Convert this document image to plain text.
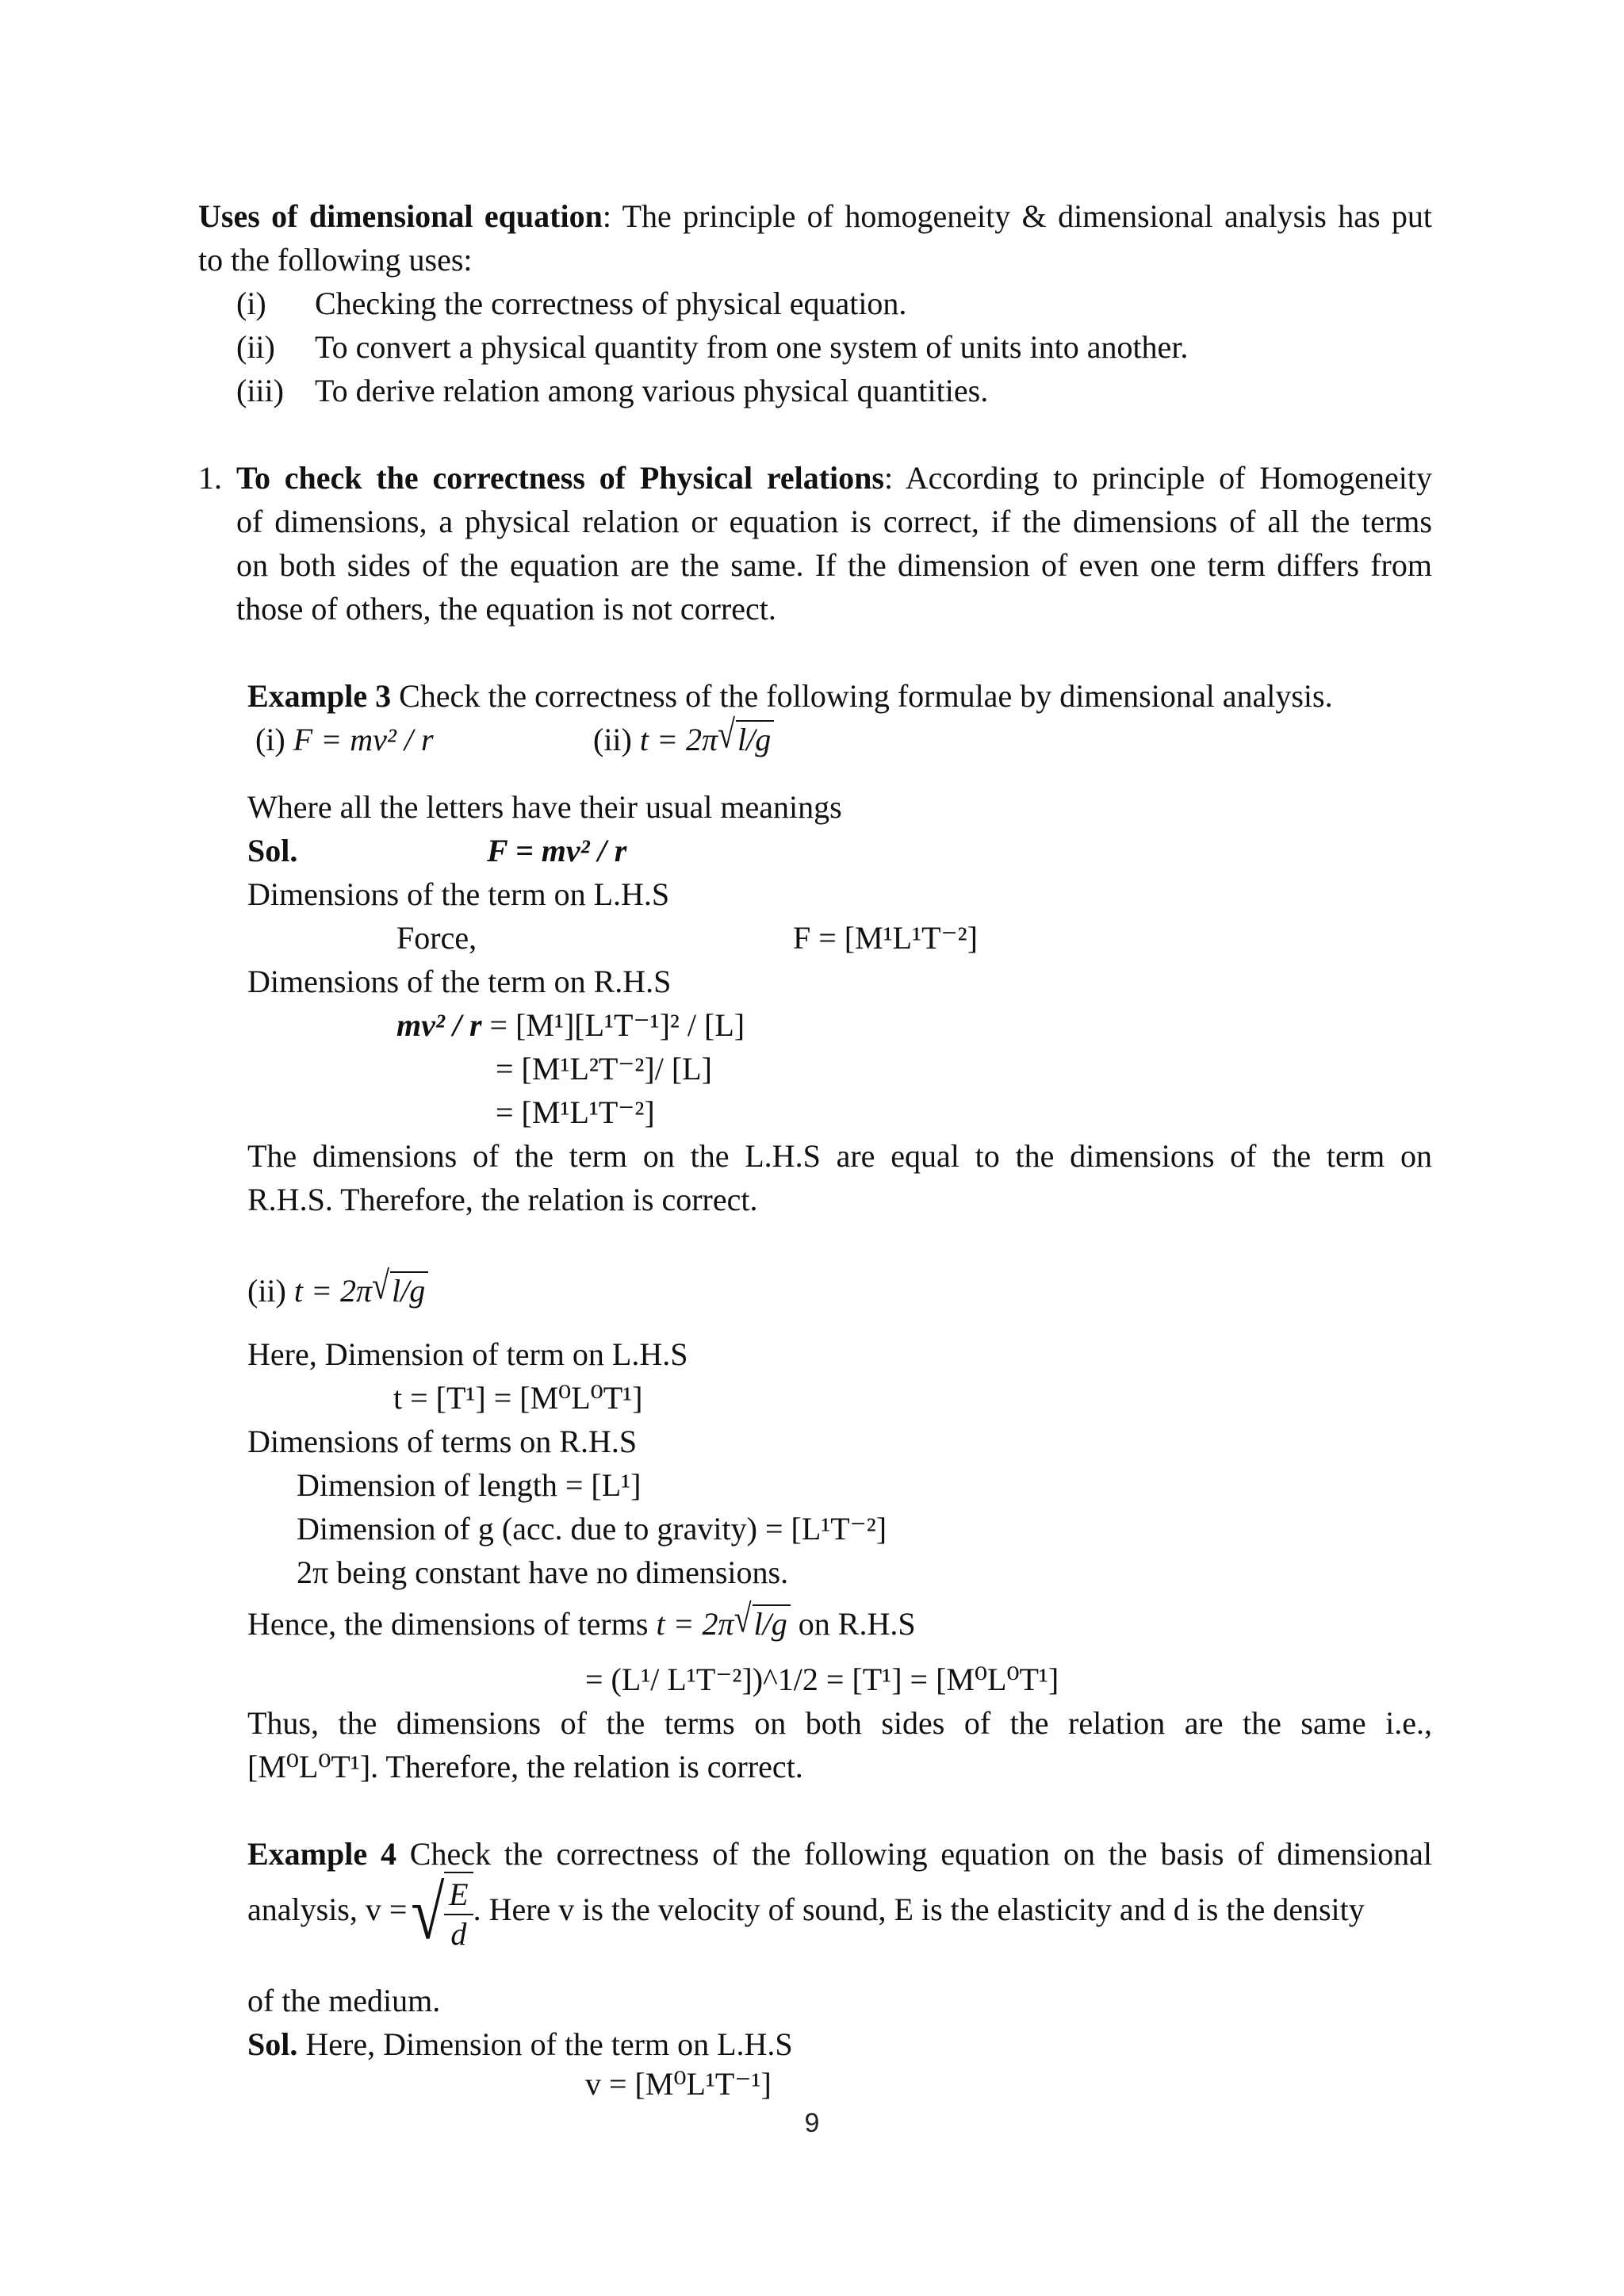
Uses of dimensional equation: The principle of homogeneity & dimensional analysis has put
to the following uses:
(i) Checking the correctness of physical equation.
(ii) To convert a physical quantity from one system of units into another.
(iii) To derive relation among various physical quantities.
1. To check the correctness of Physical relations: According to principle of Homogeneity
of dimensions, a physical relation or equation is correct, if the dimensions of all the terms
on both sides of the equation are the same. If the dimension of even one term differs from
those of others, the equation is not correct.
Example 3 Check the correctness of the following formulae by dimensional analysis.
(i) F = mv² / r	(ii) t = 2π√l/g
Where all the letters have their usual meanings
Sol.	F = mv² / r
Dimensions of the term on L.H.S
Force,	F = [M¹L¹T⁻²]
Dimensions of the term on R.H.S
mv² / r = [M¹][L¹T⁻¹]² / [L]
= [M¹L²T⁻²]/ [L]
= [M¹L¹T⁻²]
The dimensions of the term on the L.H.S are equal to the dimensions of the term on
R.H.S. Therefore, the relation is correct.
(ii) t = 2π√l/g
Here, Dimension of term on L.H.S
t = [T¹] = [M⁰L⁰T¹]
Dimensions of terms on R.H.S
Dimension of length = [L¹]
Dimension of g (acc. due to gravity) = [L¹T⁻²]
2π being constant have no dimensions.
Hence, the dimensions of terms t = 2π√l/g on R.H.S
= (L¹/ L¹T⁻²])^1/2 = [T¹] = [M⁰L⁰T¹]
Thus, the dimensions of the terms on both sides of the relation are the same i.e.,
[M⁰L⁰T¹]. Therefore, the relation is correct.
Example 4 Check the correctness of the following equation on the basis of dimensional
analysis, v = √ $\frac{E}{d}$ . Here v is the velocity of sound, E is the elasticity and d is the density
of the medium.
Sol. Here, Dimension of the term on L.H.S
v = [M⁰L¹T⁻¹]
9
